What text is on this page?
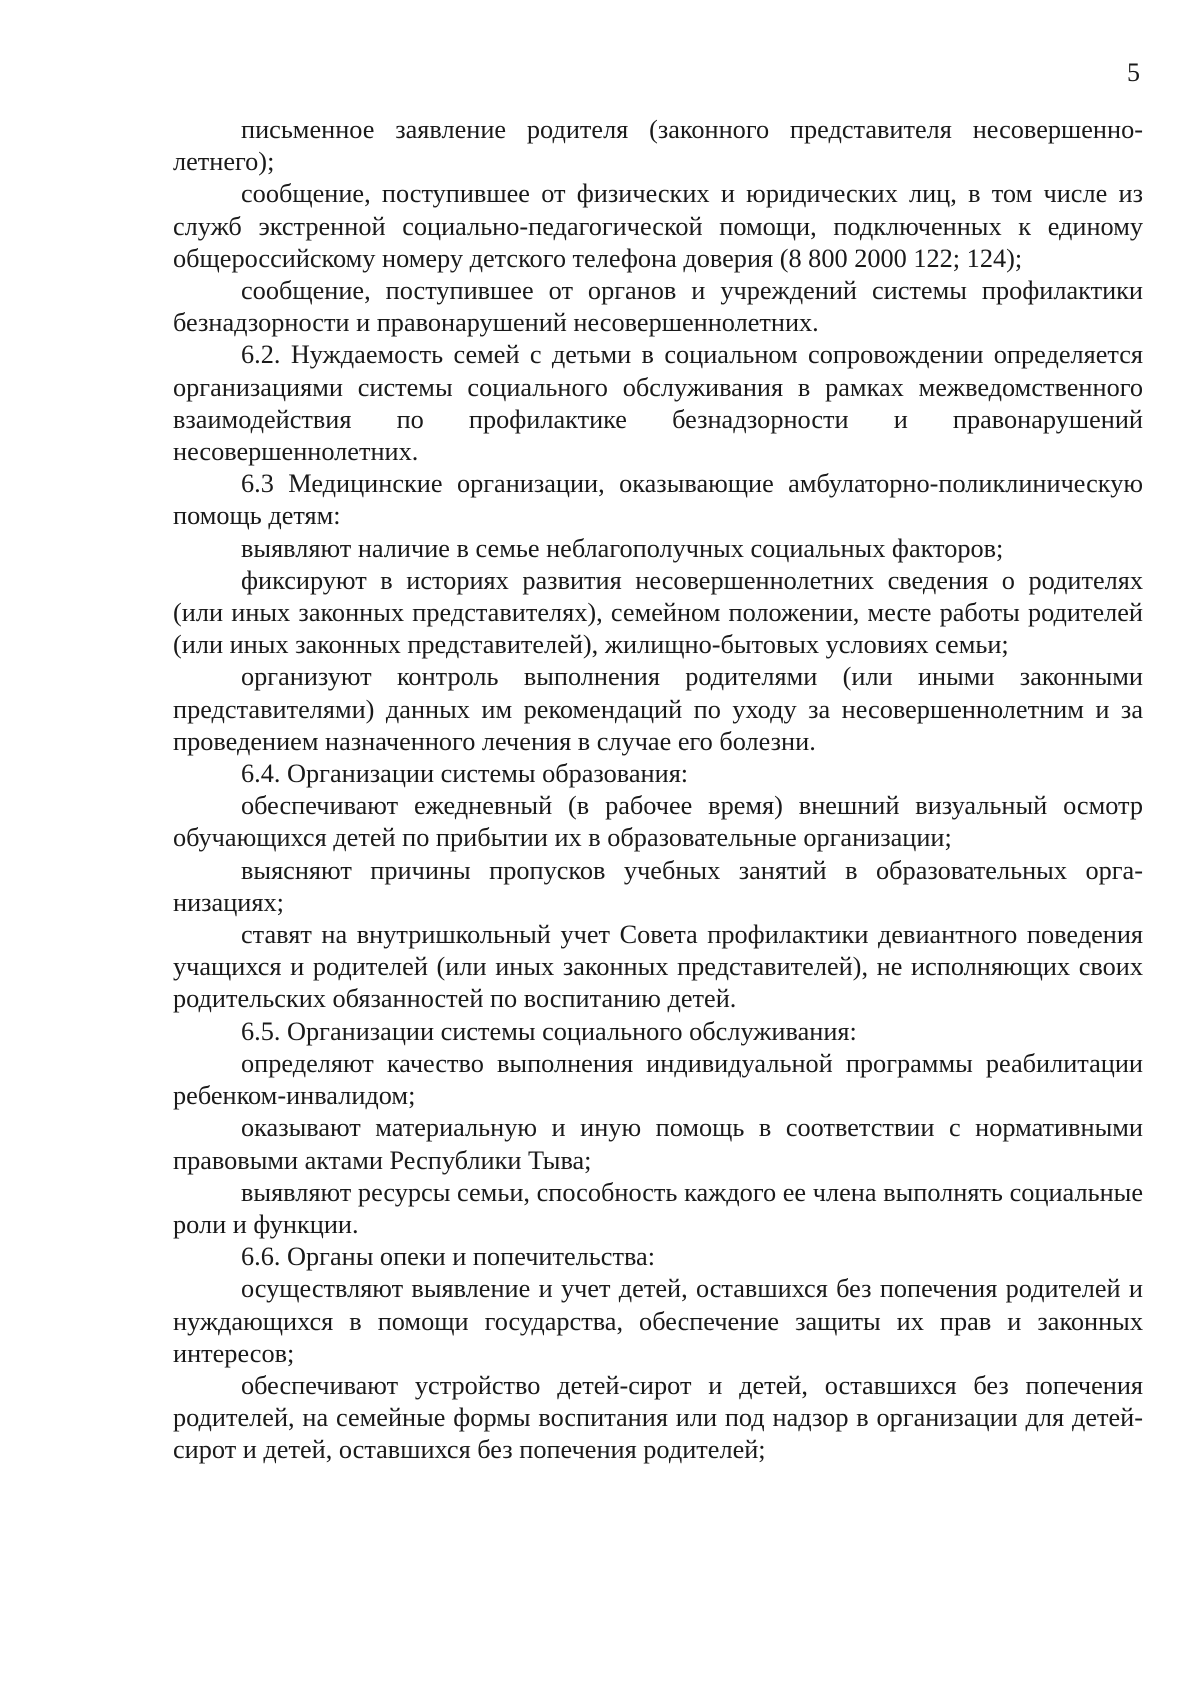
5

письменное заявление родителя (законного представителя несовершеннолетнего);

сообщение, поступившее от физических и юридических лиц, в том числе из служб экстренной социально-педагогической помощи, подключенных к единому общероссийскому номеру детского телефона доверия (8 800 2000 122; 124);

сообщение, поступившее от органов и учреждений системы профилактики безнадзорности и правонарушений несовершеннолетних.

6.2. Нуждаемость семей с детьми в социальном сопровождении определяется организациями системы социального обслуживания в рамках межведомственного взаимодействия по профилактике безнадзорности и правонарушений несовершеннолетних.

6.3 Медицинские организации, оказывающие амбулаторно-поликлиническую помощь детям:

выявляют наличие в семье неблагополучных социальных факторов;

фиксируют в историях развития несовершеннолетних сведения о родителях (или иных законных представителях), семейном положении, месте работы родителей (или иных законных представителей), жилищно-бытовых условиях семьи;

организуют контроль выполнения родителями (или иными законными представителями) данных им рекомендаций по уходу за несовершеннолетним и за проведением назначенного лечения в случае его болезни.

6.4. Организации системы образования:

обеспечивают ежедневный (в рабочее время) внешний визуальный осмотр обучающихся детей по прибытии их в образовательные организации;

выясняют причины пропусков учебных занятий в образовательных организациях;

ставят на внутришкольный учет Совета профилактики девиантного поведения учащихся и родителей (или иных законных представителей), не исполняющих своих родительских обязанностей по воспитанию детей.

6.5. Организации системы социального обслуживания:

определяют качество выполнения индивидуальной программы реабилитации ребенком-инвалидом;

оказывают материальную и иную помощь в соответствии с нормативными правовыми актами Республики Тыва;

выявляют ресурсы семьи, способность каждого ее члена выполнять социальные роли и функции.

6.6. Органы опеки и попечительства:

осуществляют выявление и учет детей, оставшихся без попечения родителей и нуждающихся в помощи государства, обеспечение защиты их прав и законных интересов;

обеспечивают устройство детей-сирот и детей, оставшихся без попечения родителей, на семейные формы воспитания или под надзор в организации для детей-сирот и детей, оставшихся без попечения родителей;
